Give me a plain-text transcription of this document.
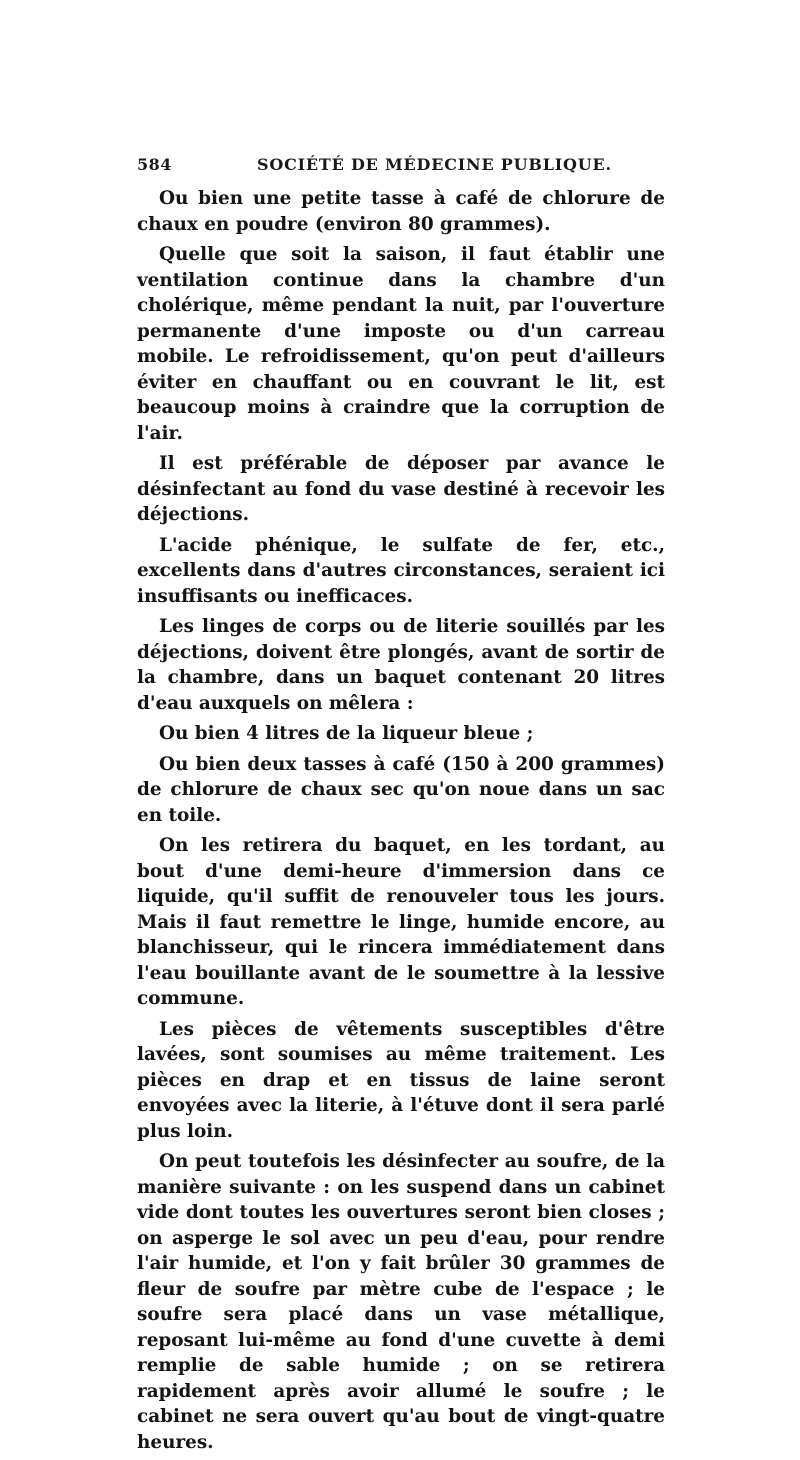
584	SOCIÉTÉ DE MÉDECINE PUBLIQUE.

Ou bien une petite tasse à café de chlorure de chaux en poudre (environ 80 grammes).

Quelle que soit la saison, il faut établir une ventilation continue dans la chambre d'un cholérique, même pendant la nuit, par l'ouverture permanente d'une imposte ou d'un carreau mobile. Le refroidissement, qu'on peut d'ailleurs éviter en chauffant ou en couvrant le lit, est beaucoup moins à craindre que la corruption de l'air.

Il est préférable de déposer par avance le désinfectant au fond du vase destiné à recevoir les déjections.

L'acide phénique, le sulfate de fer, etc., excellents dans d'autres circonstances, seraient ici insuffisants ou inefficaces.

Les linges de corps ou de literie souillés par les déjections, doivent être plongés, avant de sortir de la chambre, dans un baquet contenant 20 litres d'eau auxquels on mêlera :

Ou bien 4 litres de la liqueur bleue ;

Ou bien deux tasses à café (150 à 200 grammes) de chlorure de chaux sec qu'on noue dans un sac en toile.

On les retirera du baquet, en les tordant, au bout d'une demi-heure d'immersion dans ce liquide, qu'il suffit de renouveler tous les jours. Mais il faut remettre le linge, humide encore, au blanchisseur, qui le rincera immédiatement dans l'eau bouillante avant de le soumettre à la lessive commune.

Les pièces de vêtements susceptibles d'être lavées, sont soumises au même traitement. Les pièces en drap et en tissus de laine seront envoyées avec la literie, à l'étuve dont il sera parlé plus loin.

On peut toutefois les désinfecter au soufre, de la manière suivante : on les suspend dans un cabinet vide dont toutes les ouvertures seront bien closes ; on asperge le sol avec un peu d'eau, pour rendre l'air humide, et l'on y fait brûler 30 grammes de fleur de soufre par mètre cube de l'espace ; le soufre sera placé dans un vase métallique, reposant lui-même au fond d'une cuvette à demi remplie de sable humide ; on se retirera rapidement après avoir allumé le soufre ; le cabinet ne sera ouvert qu'au bout de vingt-quatre heures.
